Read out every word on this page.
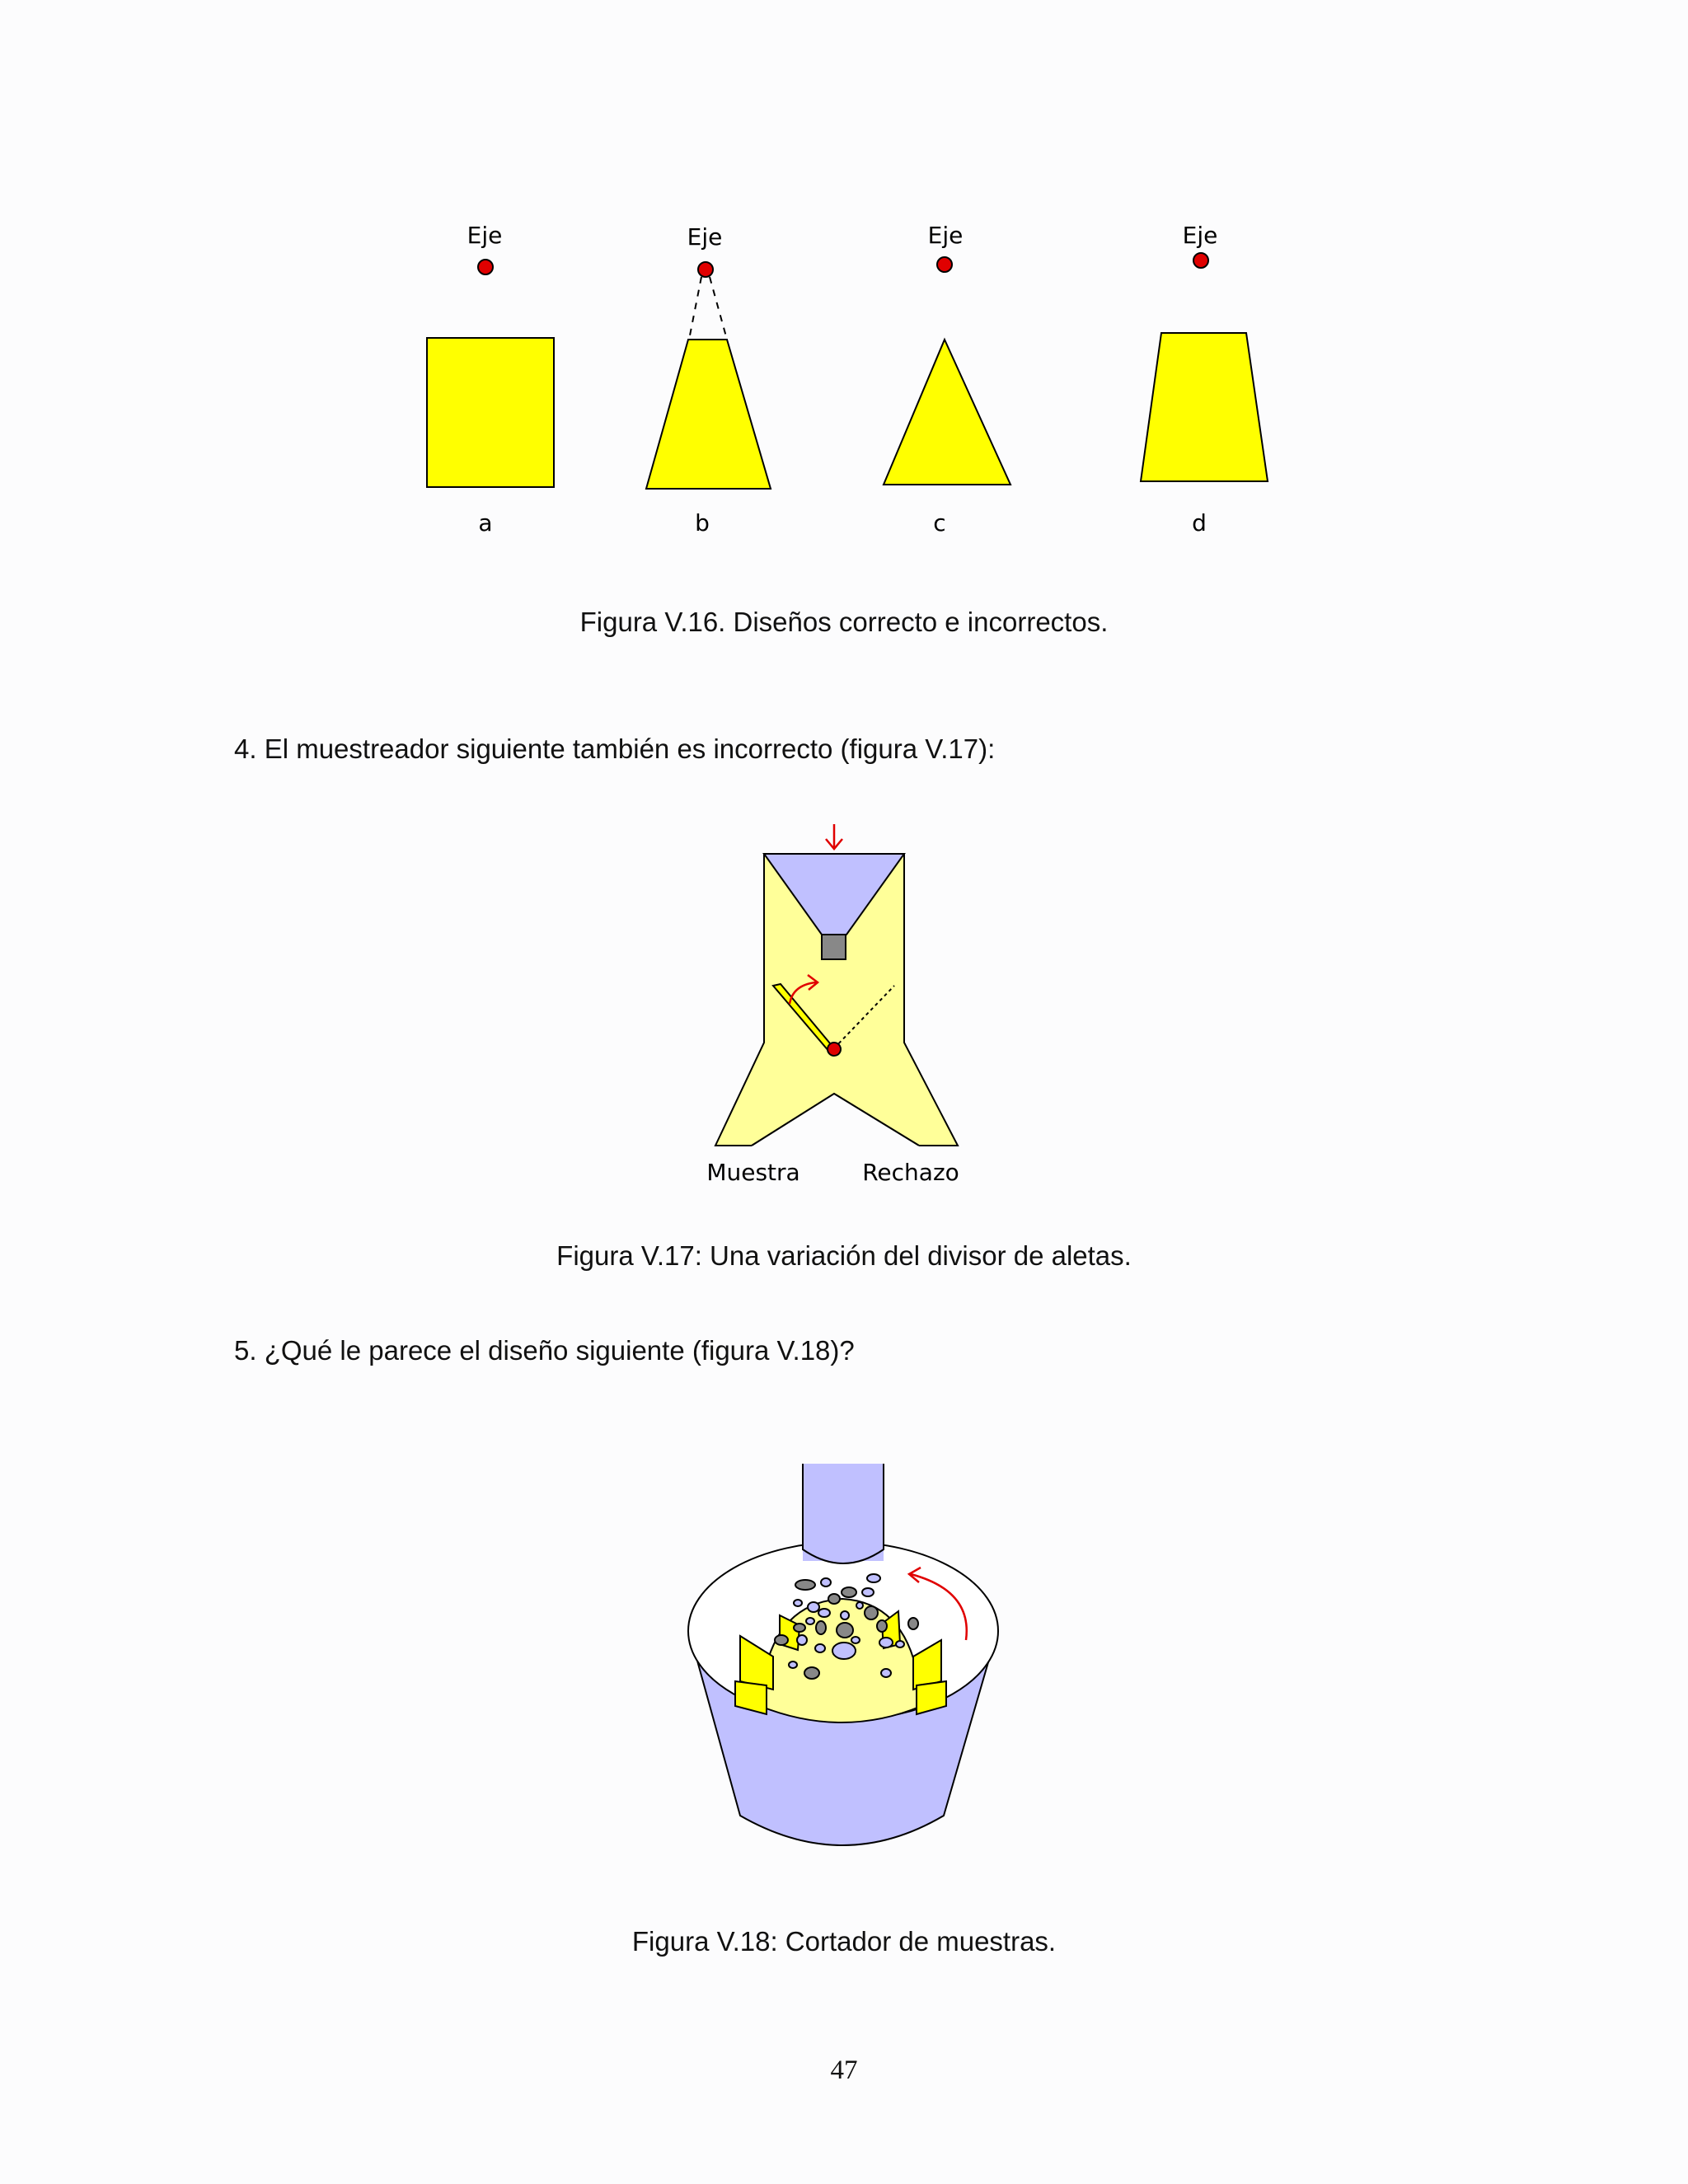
Eje
a
Eje
b
Eje
c
Eje
d
Figura V.16. Diseños correcto e incorrectos.
4. El muestreador siguiente también es incorrecto (figura V.17):
Muestra	Rechazo
Figura V.17: Una variación del divisor de aletas.
5. ¿Qué le parece el diseño siguiente (figura V.18)?
Figura V.18: Cortador de muestras.
47
